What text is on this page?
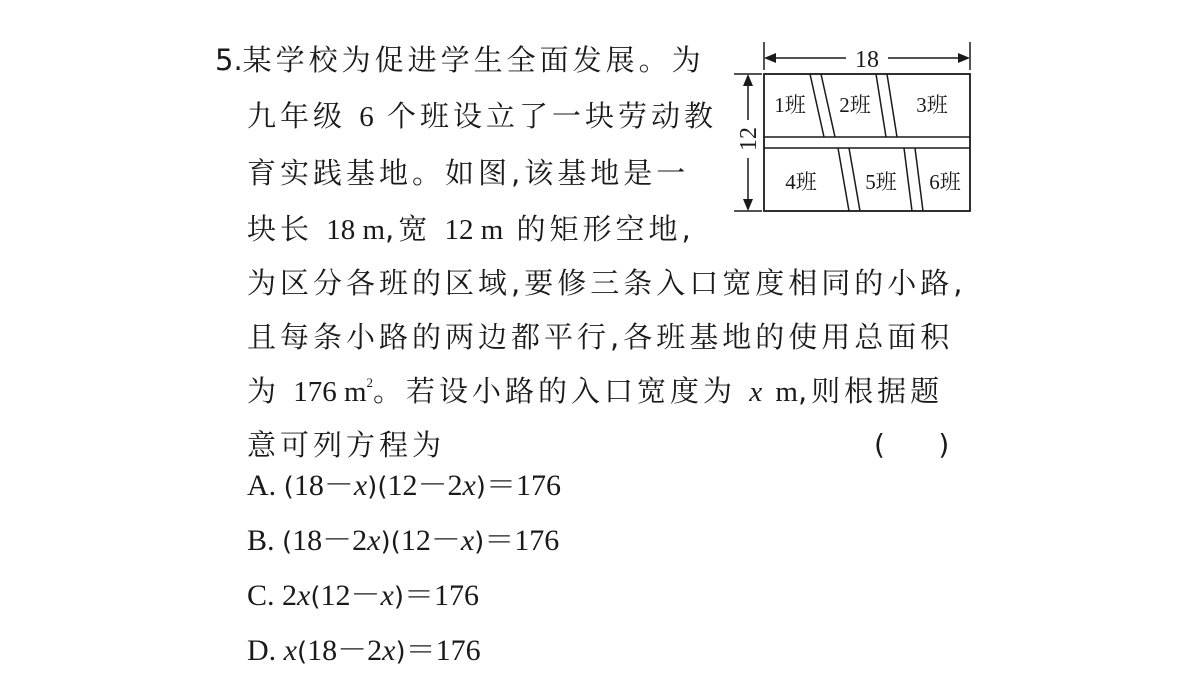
5.某学校为促进学生全面发展。为
九年级 6 个班设立了一块劳动教
育实践基地。如图,该基地是一
块长 18 m,宽 12 m 的矩形空地,
为区分各班的区域,要修三条入口宽度相同的小路,
且每条小路的两边都平行,各班基地的使用总面积
为 176 $m^2$。若设小路的入口宽度为 x m,则根据题
意可列方程为	(      )
A. (18－x)(12－2x)＝176
B. (18－2x)(12－x)＝176
C. 2x(12－x)＝176
D. x(18－2x)＝176
18
12
1班 2班 3班
4班 5班 6班
